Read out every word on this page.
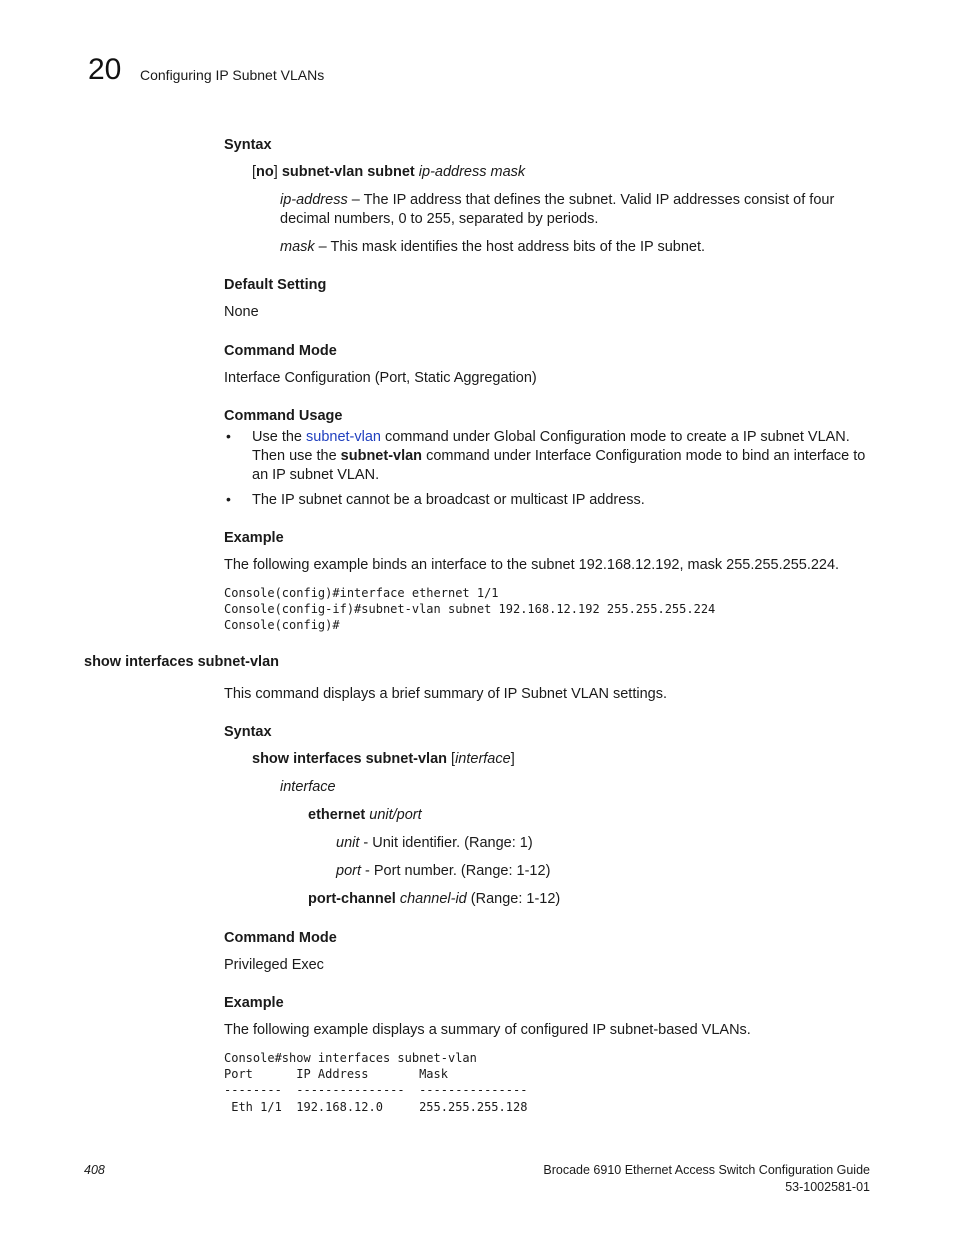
20 Configuring IP Subnet VLANs
Syntax
[no] subnet-vlan subnet ip-address mask
ip-address – The IP address that defines the subnet. Valid IP addresses consist of four decimal numbers, 0 to 255, separated by periods.
mask – This mask identifies the host address bits of the IP subnet.
Default Setting
None
Command Mode
Interface Configuration (Port, Static Aggregation)
Command Usage
• Use the subnet-vlan command under Global Configuration mode to create a IP subnet VLAN. Then use the subnet-vlan command under Interface Configuration mode to bind an interface to an IP subnet VLAN.
• The IP subnet cannot be a broadcast or multicast IP address.
Example
The following example binds an interface to the subnet 192.168.12.192, mask 255.255.255.224.
Console(config)#interface ethernet 1/1
Console(config-if)#subnet-vlan subnet 192.168.12.192 255.255.255.224
Console(config)#
show interfaces subnet-vlan
This command displays a brief summary of IP Subnet VLAN settings.
Syntax
show interfaces subnet-vlan [interface]
interface
ethernet unit/port
unit - Unit identifier. (Range: 1)
port - Port number. (Range: 1-12)
port-channel channel-id (Range: 1-12)
Command Mode
Privileged Exec
Example
The following example displays a summary of configured IP subnet-based VLANs.
Console#show interfaces subnet-vlan
Port      IP Address       Mask
--------  ---------------  ---------------
Eth 1/1  192.168.12.0     255.255.255.128
408	Brocade 6910 Ethernet Access Switch Configuration Guide
53-1002581-01
